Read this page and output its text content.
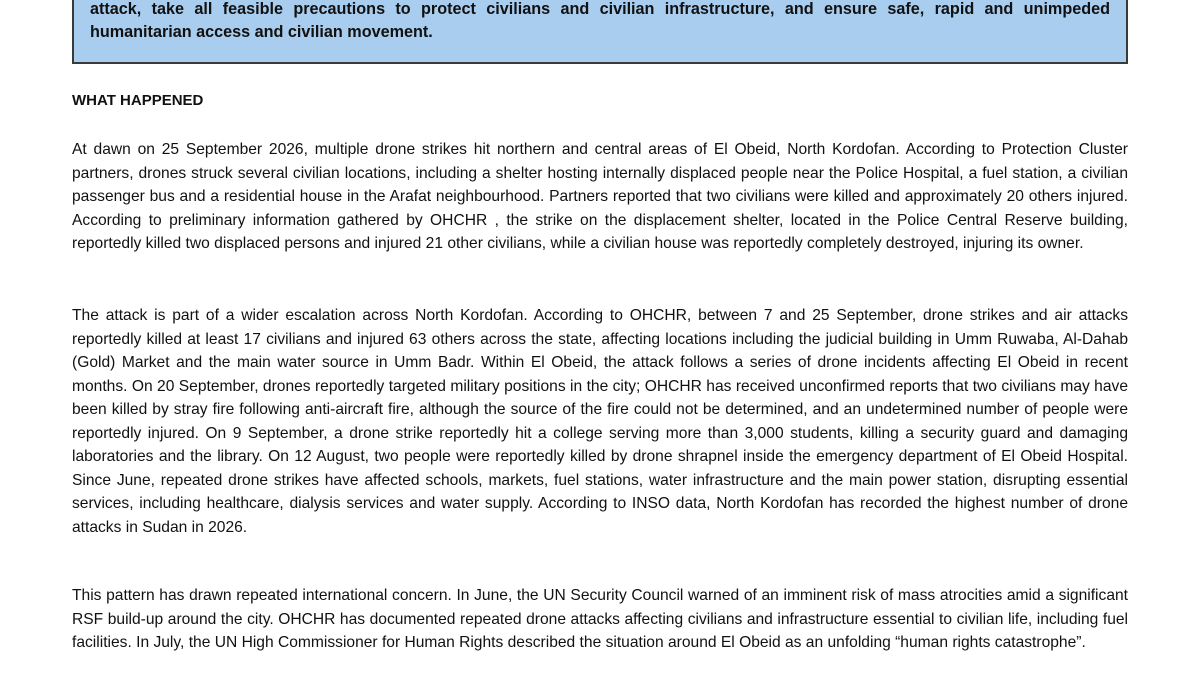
attack, take all feasible precautions to protect civilians and civilian infrastructure, and ensure safe, rapid and unimpeded humanitarian access and civilian movement.

WHAT HAPPENED

At dawn on 25 September 2026, multiple drone strikes hit northern and central areas of El Obeid, North Kordofan. According to Protection Cluster partners, drones struck several civilian locations, including a shelter hosting internally displaced people near the Police Hospital, a fuel station, a civilian passenger bus and a residential house in the Arafat neighbourhood. Partners reported that two civilians were killed and approximately 20 others injured. According to preliminary information gathered by OHCHR , the strike on the displacement shelter, located in the Police Central Reserve building, reportedly killed two displaced persons and injured 21 other civilians, while a civilian house was reportedly completely destroyed, injuring its owner.

The attack is part of a wider escalation across North Kordofan. According to OHCHR, between 7 and 25 September, drone strikes and air attacks reportedly killed at least 17 civilians and injured 63 others across the state, affecting locations including the judicial building in Umm Ruwaba, Al-Dahab (Gold) Market and the main water source in Umm Badr. Within El Obeid, the attack follows a series of drone incidents affecting El Obeid in recent months. On 20 September, drones reportedly targeted military positions in the city; OHCHR has received unconfirmed reports that two civilians may have been killed by stray fire following anti-aircraft fire, although the source of the fire could not be determined, and an undetermined number of people were reportedly injured. On 9 September, a drone strike reportedly hit a college serving more than 3,000 students, killing a security guard and damaging laboratories and the library. On 12 August, two people were reportedly killed by drone shrapnel inside the emergency department of El Obeid Hospital. Since June, repeated drone strikes have affected schools, markets, fuel stations, water infrastructure and the main power station, disrupting essential services, including healthcare, dialysis services and water supply. According to INSO data, North Kordofan has recorded the highest number of drone attacks in Sudan in 2026.

This pattern has drawn repeated international concern. In June, the UN Security Council warned of an imminent risk of mass atrocities amid a significant RSF build-up around the city. OHCHR has documented repeated drone attacks affecting civilians and infrastructure essential to civilian life, including fuel facilities. In July, the UN High Commissioner for Human Rights described the situation around El Obeid as an unfolding “human rights catastrophe”.
